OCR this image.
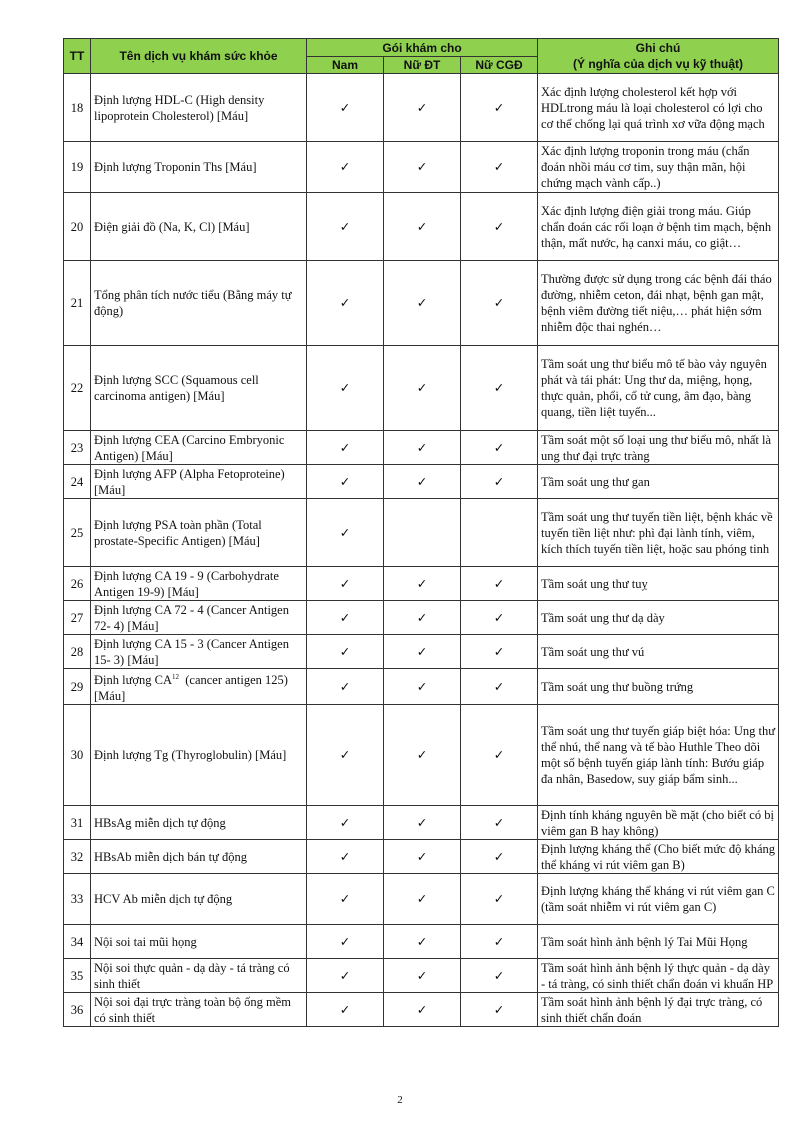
TT	Tên dịch vụ khám sức khỏe	Gói khám cho			Ghi chú
(Ý nghĩa của dịch vụ kỹ thuật)

		Nam	Nữ ĐT	Nữ CGĐ	
18	Định lượng HDL-C (High density lipoprotein Cholesterol) [Máu]	✓	✓	✓	Xác định lượng cholesterol kết hợp với HDLtrong máu là loại cholesterol có lợi cho cơ thể chống lại quá trình xơ vữa động mạch
19	Định lượng Troponin Ths [Máu]	✓	✓	✓	Xác định lượng troponin trong máu (chẩn đoán nhồi máu cơ tim, suy thận mãn, hội chứng mạch vành cấp..)
20	Điện giải đồ (Na, K, Cl) [Máu]	✓	✓	✓	Xác định lượng điện giải trong máu. Giúp chẩn đoán các rối loạn ở bệnh tim mạch, bệnh thận, mất nước, hạ canxi máu, co giật…
21	Tổng phân tích nước tiểu (Bằng máy tự động)	✓	✓	✓	Thường được sử dụng trong các bệnh đái tháo đường, nhiễm ceton, đái nhạt, bệnh gan mật, bệnh viêm đường tiết niệu,… phát hiện sớm nhiễm độc thai nghén…
22	Định lượng SCC (Squamous cell carcinoma antigen) [Máu]	✓	✓	✓	Tầm soát ung thư biểu mô tế bào vảy nguyên phát và tái phát: Ung thư da, miệng, họng, thực quản, phổi, cổ tử cung, âm đạo, bàng quang, tiền liệt tuyến...
23	Định lượng CEA (Carcino Embryonic Antigen) [Máu]	✓	✓	✓	Tầm soát một số loại ung thư biểu mô, nhất là ung thư đại trực tràng
24	Định lượng AFP (Alpha Fetoproteine) [Máu]	✓	✓	✓	Tầm soát ung thư gan
25	Định lượng PSA toàn phần (Total prostate-Specific Antigen) [Máu]	✓			Tầm soát ung thư tuyến tiền liệt, bệnh khác về tuyến tiền liệt như: phì đại lành tính, viêm, kích thích tuyến tiền liệt, hoặc sau phóng tinh
26	Định lượng CA 19 - 9 (Carbohydrate Antigen 19-9) [Máu]	✓	✓	✓	Tầm soát ung thư tuỵ
27	Định lượng CA 72 - 4 (Cancer Antigen 72- 4) [Máu]	✓	✓	✓	Tầm soát ung thư dạ dày
28	Định lượng CA 15 - 3 (Cancer Antigen 15- 3) [Máu]	✓	✓	✓	Tầm soát ung thư vú
29	Định lượng CA$^{12}$ (cancer antigen 125) [Máu]	✓	✓	✓	Tầm soát ung thư buồng trứng
30	Định lượng Tg (Thyroglobulin) [Máu]	✓	✓	✓	Tầm soát ung thư tuyến giáp biệt hóa: Ung thư thể nhú, thể nang và tế bào Huthle Theo dõi một số bệnh tuyến giáp lành tính: Bướu giáp đa nhân, Basedow, suy giáp bẩm sinh...
31	HBsAg miễn dịch tự động	✓	✓	✓	Định tính kháng nguyên bề mặt (cho biết có bị viêm gan B hay không)
32	HBsAb miễn dịch bán tự động	✓	✓	✓	Định lượng kháng thể (Cho biết mức độ kháng thể kháng vi rút viêm gan B)
33	HCV Ab miễn dịch tự động	✓	✓	✓	Định lượng kháng thể kháng vi rút viêm gan C (tầm soát nhiễm vi rút viêm gan C)
34	Nội soi tai mũi họng	✓	✓	✓	Tầm soát hình ảnh bệnh lý Tai Mũi Họng
35	Nội soi thực quản - dạ dày - tá tràng có sinh thiết	✓	✓	✓	Tầm soát hình ảnh bệnh lý thực quản - dạ dày - tá tràng, có sinh thiết chẩn đoán vi khuẩn HP
36	Nội soi đại trực tràng toàn bộ ống mềm có sinh thiết	✓	✓	✓	Tầm soát hình ảnh bệnh lý đại trực tràng, có sinh thiết chẩn đoán
2
